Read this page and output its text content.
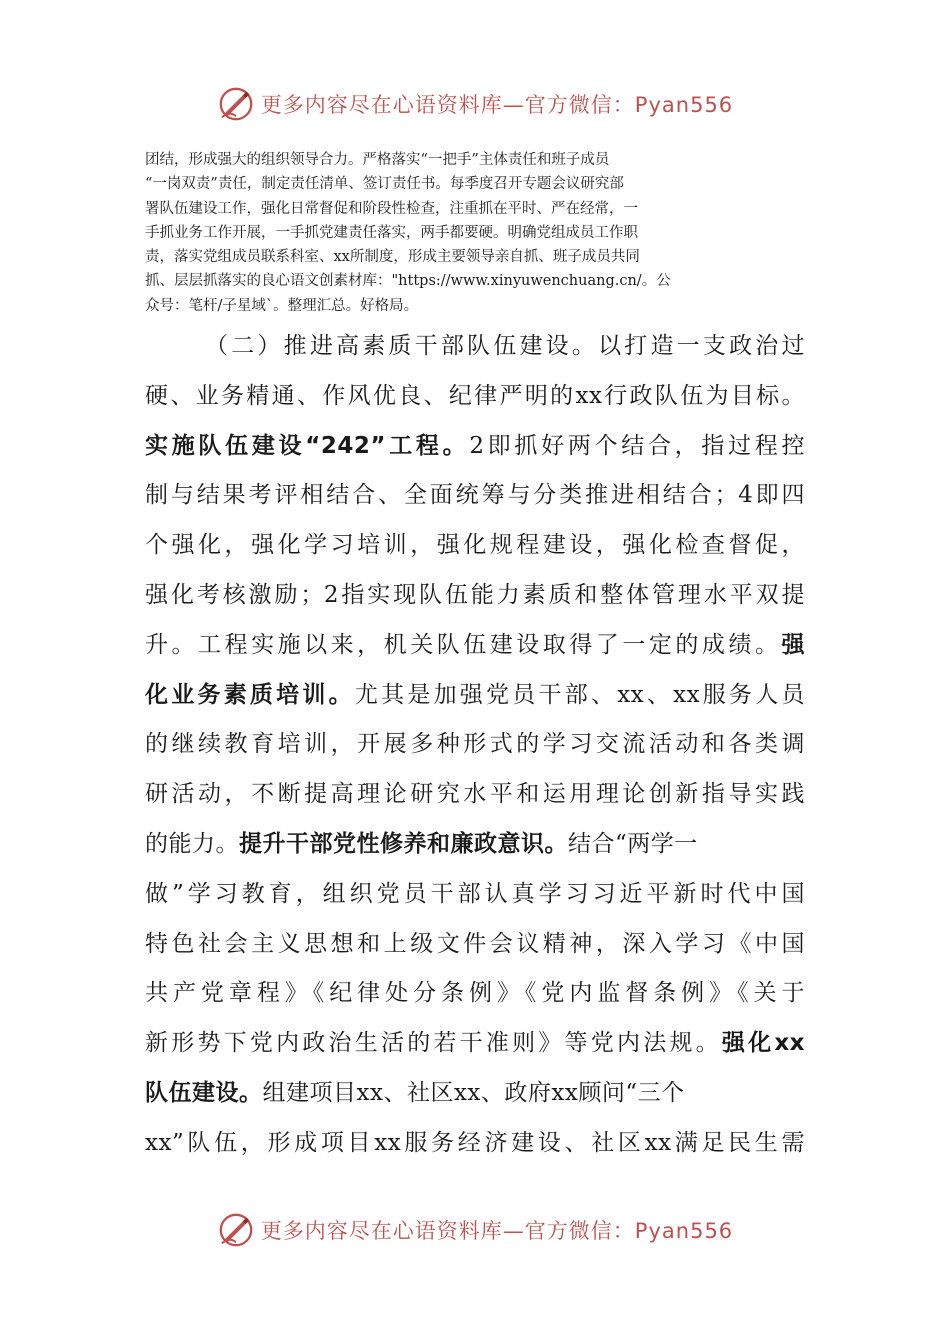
更多内容尽在心语资料库—官方微信：Pyan556
团结，形成强大的组织领导合力。严格落实“一把手”主体责任和班子成员
“一岗双责”责任，制定责任清单、签订责任书。每季度召开专题会议研究部
署队伍建设工作，强化日常督促和阶段性检查，注重抓在平时、严在经常，一
手抓业务工作开展，一手抓党建责任落实，两手都要硬。明确党组成员工作职
责，落实党组成员联系科室、xx所制度，形成主要领导亲自抓、班子成员共同
抓、层层抓落实的良心语文创素材库："https://www.xinyuwenchuang.cn/。公
众号：笔杆/子星域`。整理汇总。好格局。
（二）推进高素质干部队伍建设。以打造一支政治过
硬、业务精通、作风优良、纪律严明的xx行政队伍为目标。
实施队伍建设“242”工程。2即抓好两个结合，指过程控
制与结果考评相结合、全面统筹与分类推进相结合；4即四
个强化，强化学习培训，强化规程建设，强化检查督促，
强化考核激励；2指实现队伍能力素质和整体管理水平双提
升。工程实施以来，机关队伍建设取得了一定的成绩。强
化业务素质培训。尤其是加强党员干部、xx、xx服务人员
的继续教育培训，开展多种形式的学习交流活动和各类调
研活动，不断提高理论研究水平和运用理论创新指导实践
的能力。提升干部党性修养和廉政意识。结合“两学一
做”学习教育，组织党员干部认真学习习近平新时代中国
特色社会主义思想和上级文件会议精神，深入学习《中国
共产党章程》《纪律处分条例》《党内监督条例》《关于
新形势下党内政治生活的若干准则》等党内法规。强化xx
队伍建设。组建项目xx、社区xx、政府xx顾问“三个
xx”队伍，形成项目xx服务经济建设、社区xx满足民生需
更多内容尽在心语资料库—官方微信：Pyan556
